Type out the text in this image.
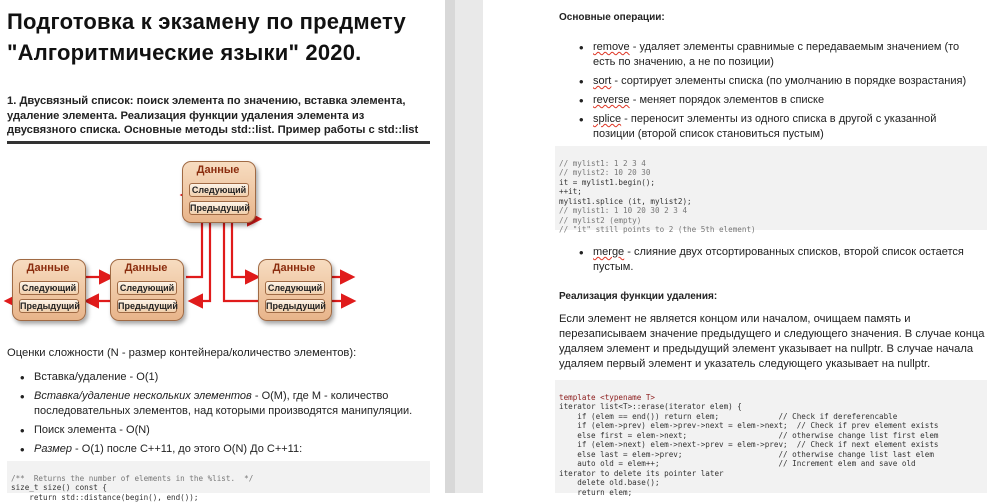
Подготовка к экзамену по предмету
"Алгоритмические языки" 2020.
1. Двусвязный список: поиск элемента по значению, вставка элемента, удаление элемента. Реализация функции удаления элемента из двусвязного списка. Основные методы std::list. Пример работы с std::list
Данные
Следующий
Предыдущий
Данные
Следующий
Предыдущий
Данные
Следующий
Предыдущий
Данные
Следующий
Предыдущий
Оценки сложности (N - размер контейнера/количество элементов):
• Вставка/удаление - O(1)
• Вставка/удаление нескольких элементов - O(M), где M - количество последовательных элементов, над которыми производятся манипуляции.
• Поиск элемента - O(N)
• Размер - O(1) после C++11, до этого O(N) До C++11:

/**  Returns the number of elements in the %list.  */
size_t size() const {
return std::distance(begin(), end());
Основные операции:
• remove - удаляет элементы сравнимые с передаваемым значением (то есть по значению, а не по позиции)
• sort - сортирует элементы списка (по умолчанию в порядке возрастания)
• reverse - меняет порядок элементов в списке
• splice - переносит элементы из одного списка в другой с указанной позиции (второй список становиться пустым)

// mylist1: 1 2 3 4
// mylist2: 10 20 30
it = mylist1.begin();
++it;
mylist1.splice (it, mylist2);
// mylist1: 1 10 20 30 2 3 4
// mylist2 (empty)
// "it" still points to 2 (the 5th element)
• merge - слияние двух отсортированных списков, второй список остается пустым.
Реализация функции удаления:
Если элемент не является концом или началом, очищаем память и перезаписываем значение предыдущего и следующего значения. В случае конца удаляем элемент и предыдущий элемент указывает на nullptr. В случае начала удаляем первый элемент и указатель следующего указывает на nullptr.

template <typename T>
iterator list<T>::erase(iterator elem) {
if (elem == end()) return elem;             // Check if dereferencable
if (elem->prev) elem->prev->next = elem->next;  // Check if prev element exists
else first = elem->next;                    // otherwise change list first elem
if (elem->next) elem->next->prev = elem->prev;  // Check if next element exists
else last = elem->prev;                     // otherwise change list last elem
auto old = elem++;                          // Increment elem and save old
iterator to delete its pointer later
delete old.base();
return elem;
